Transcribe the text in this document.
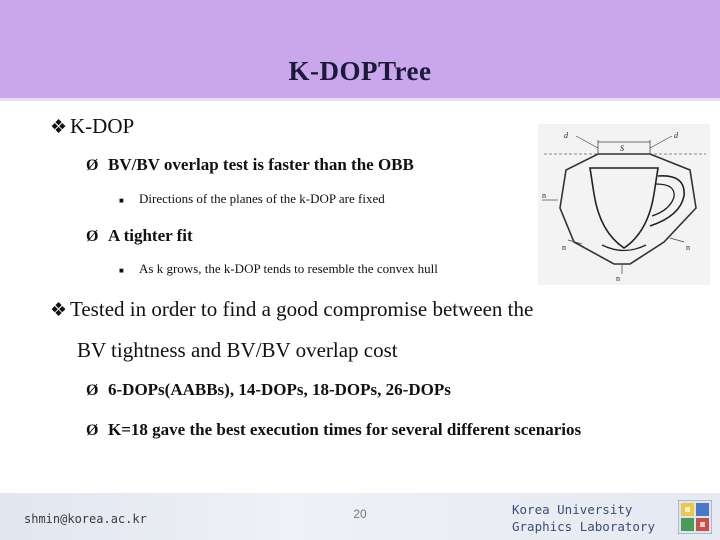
K-DOPTree
❖ K-DOP
Ø BV/BV overlap test is faster than the OBB
■ Directions of the planes of the k-DOP are fixed
Ø A tighter fit
■ As k grows, the k-DOP tends to resemble the convex hull
❖ Tested in order to find a good compromise between the
BV tightness and BV/BV overlap cost
Ø 6-DOPs(AABBs), 14-DOPs, 18-DOPs, 26-DOPs
Ø K=18 gave the best execution times for several different scenarios
d	d
S
n
n
n
n
shmin@korea.ac.kr	20	Korea University
Graphics Laboratory
